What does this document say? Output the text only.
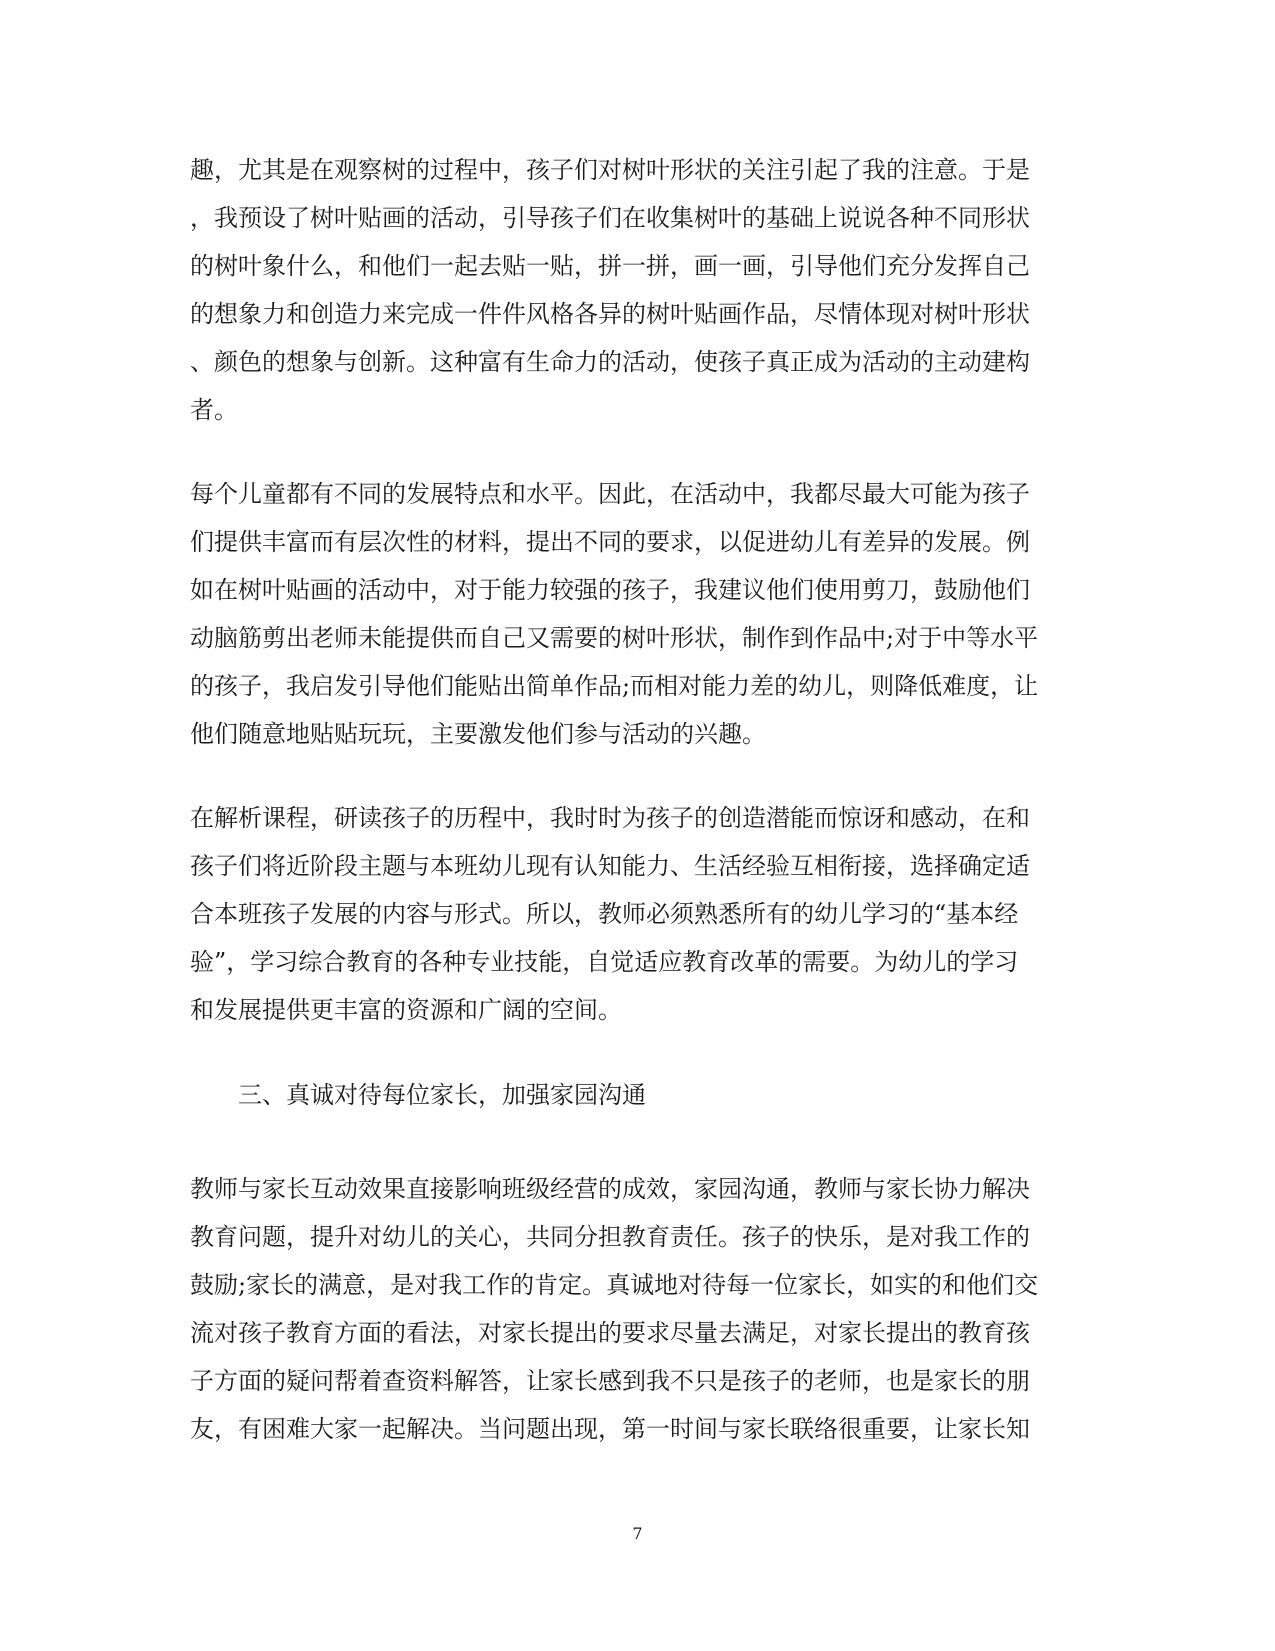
趣，尤其是在观察树的过程中，孩子们对树叶形状的关注引起了我的注意。于是
，我预设了树叶贴画的活动，引导孩子们在收集树叶的基础上说说各种不同形状
的树叶象什么，和他们一起去贴一贴，拼一拼，画一画，引导他们充分发挥自己
的想象力和创造力来完成一件件风格各异的树叶贴画作品，尽情体现对树叶形状
、颜色的想象与创新。这种富有生命力的活动，使孩子真正成为活动的主动建构
者。
每个儿童都有不同的发展特点和水平。因此，在活动中，我都尽最大可能为孩子
们提供丰富而有层次性的材料，提出不同的要求，以促进幼儿有差异的发展。例
如在树叶贴画的活动中，对于能力较强的孩子，我建议他们使用剪刀，鼓励他们
动脑筋剪出老师未能提供而自己又需要的树叶形状，制作到作品中;对于中等水平
的孩子，我启发引导他们能贴出简单作品;而相对能力差的幼儿，则降低难度，让
他们随意地贴贴玩玩，主要激发他们参与活动的兴趣。
在解析课程，研读孩子的历程中，我时时为孩子的创造潜能而惊讶和感动，在和
孩子们将近阶段主题与本班幼儿现有认知能力、生活经验互相衔接，选择确定适
合本班孩子发展的内容与形式。所以，教师必须熟悉所有的幼儿学习的“基本经
验”，学习综合教育的各种专业技能，自觉适应教育改革的需要。为幼儿的学习
和发展提供更丰富的资源和广阔的空间。
三、真诚对待每位家长，加强家园沟通
教师与家长互动效果直接影响班级经营的成效，家园沟通，教师与家长协力解决
教育问题，提升对幼儿的关心，共同分担教育责任。孩子的快乐，是对我工作的
鼓励;家长的满意，是对我工作的肯定。真诚地对待每一位家长，如实的和他们交
流对孩子教育方面的看法，对家长提出的要求尽量去满足，对家长提出的教育孩
子方面的疑问帮着查资料解答，让家长感到我不只是孩子的老师，也是家长的朋
友，有困难大家一起解决。当问题出现，第一时间与家长联络很重要，让家长知
7
